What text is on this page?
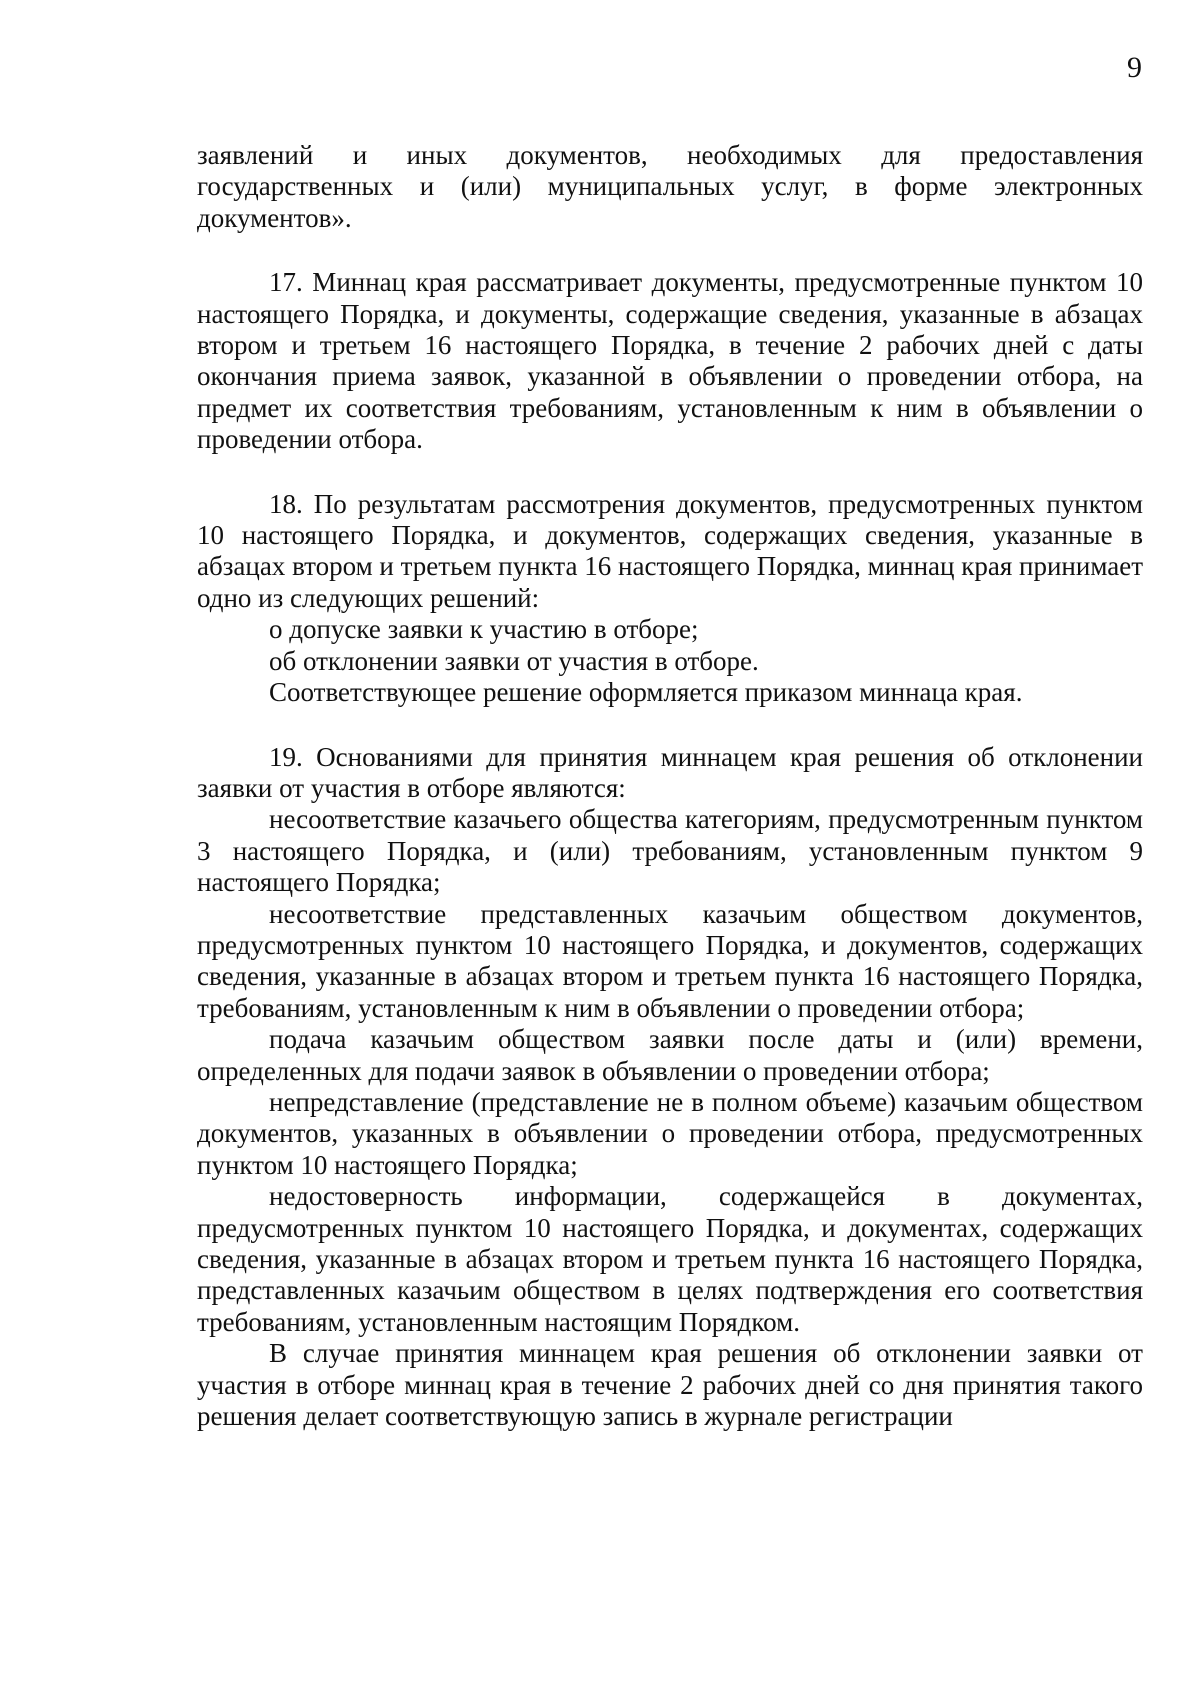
9

заявлений и иных документов, необходимых для предоставления государственных и (или) муниципальных услуг, в форме электронных документов».

17. Миннац края рассматривает документы, предусмотренные пунктом 10 настоящего Порядка, и документы, содержащие сведения, указанные в абзацах втором и третьем 16 настоящего Порядка, в течение 2 рабочих дней с даты окончания приема заявок, указанной в объявлении о проведении отбора, на предмет их соответствия требованиям, установленным к ним в объявлении о проведении отбора.

18. По результатам рассмотрения документов, предусмотренных пунктом 10 настоящего Порядка, и документов, содержащих сведения, указанные в абзацах втором и третьем пункта 16 настоящего Порядка, миннац края принимает одно из следующих решений:

о допуске заявки к участию в отборе;

об отклонении заявки от участия в отборе.

Соответствующее решение оформляется приказом миннаца края.

19. Основаниями для принятия миннацем края решения об отклонении заявки от участия в отборе являются:

несоответствие казачьего общества категориям, предусмотренным пунктом 3 настоящего Порядка, и (или) требованиям, установленным пунктом 9 настоящего Порядка;

несоответствие представленных казачьим обществом документов, предусмотренных пунктом 10 настоящего Порядка, и документов, содержащих сведения, указанные в абзацах втором и третьем пункта 16 настоящего Порядка, требованиям, установленным к ним в объявлении о проведении отбора;

подача казачьим обществом заявки после даты и (или) времени, определенных для подачи заявок в объявлении о проведении отбора;

непредставление (представление не в полном объеме) казачьим обществом документов, указанных в объявлении о проведении отбора, предусмотренных пунктом 10 настоящего Порядка;

недостоверность информации, содержащейся в документах, предусмотренных пунктом 10 настоящего Порядка, и документах, содержащих сведения, указанные в абзацах втором и третьем пункта 16 настоящего Порядка, представленных казачьим обществом в целях подтверждения его соответствия требованиям, установленным настоящим Порядком.

В случае принятия миннацем края решения об отклонении заявки от участия в отборе миннац края в течение 2 рабочих дней со дня принятия такого решения делает соответствующую запись в журнале регистрации
